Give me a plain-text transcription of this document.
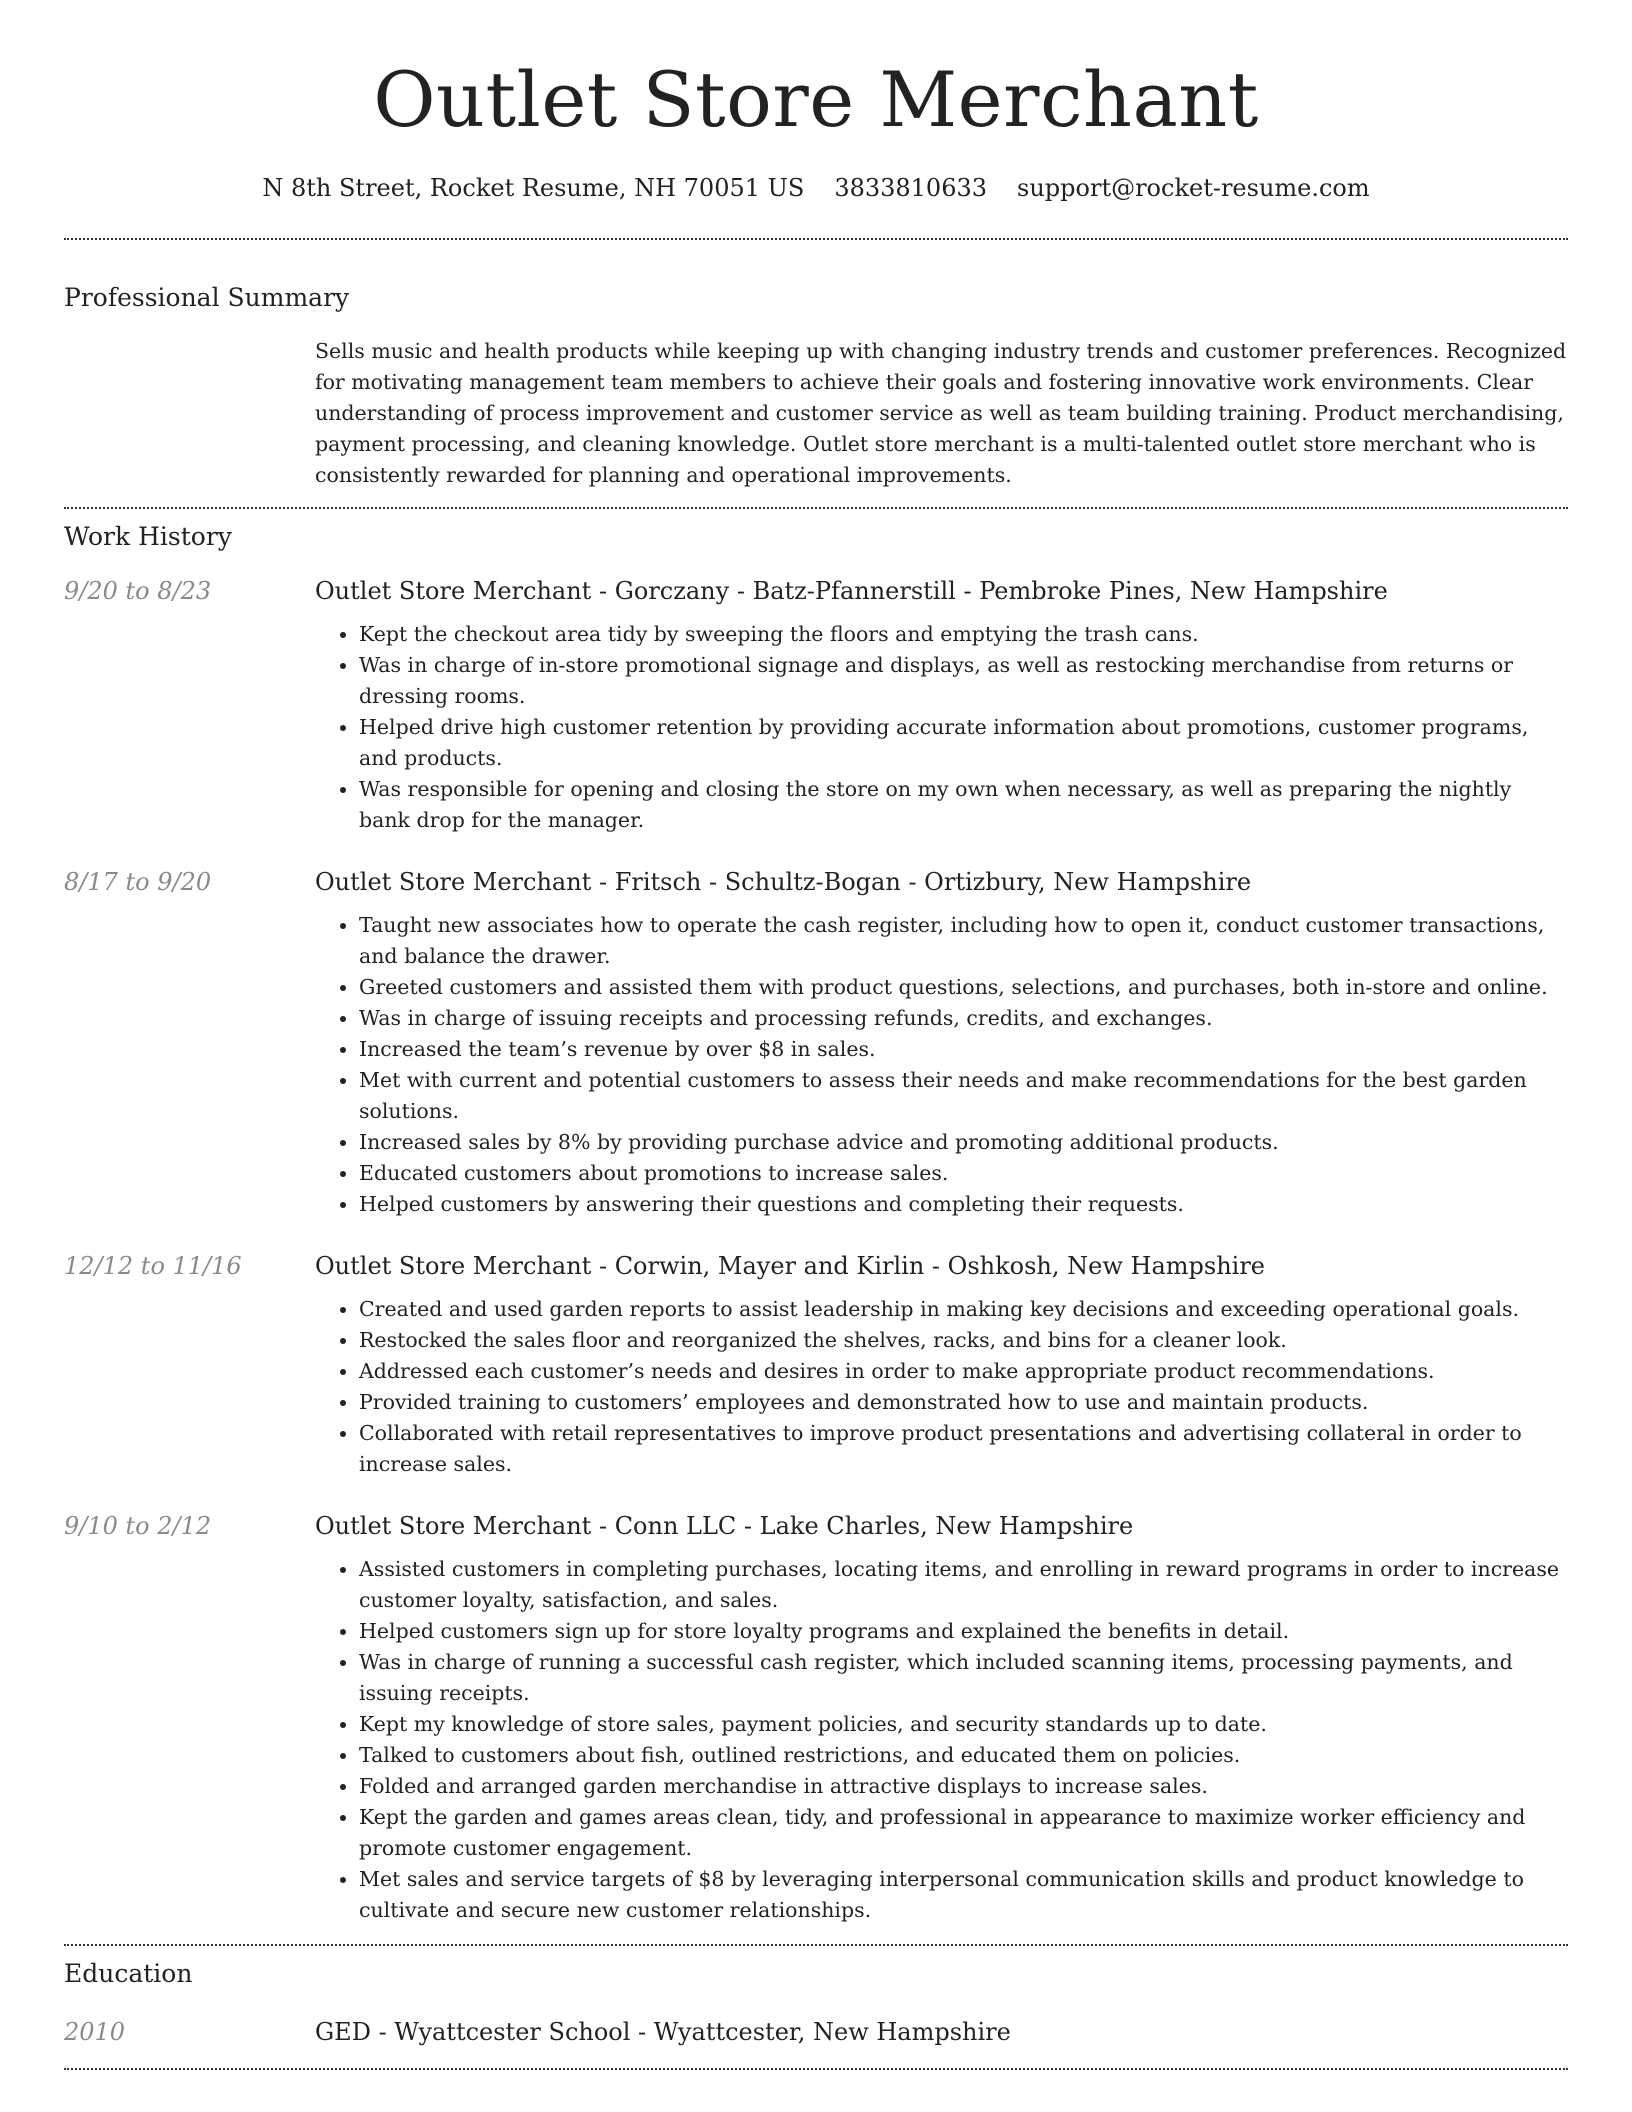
Outlet Store Merchant
N 8th Street, Rocket Resume, NH 70051 US 3833810633 support@rocket-resume.com
Professional Summary
Sells music and health products while keeping up with changing industry trends and customer preferences. Recognized for motivating management team members to achieve their goals and fostering innovative work environments. Clear understanding of process improvement and customer service as well as team building training. Product merchandising, payment processing, and cleaning knowledge. Outlet store merchant is a multi-talented outlet store merchant who is consistently rewarded for planning and operational improvements.
Work History
9/20 to 8/23	Outlet Store Merchant - Gorczany - Batz-Pfannerstill - Pembroke Pines, New Hampshire
• Kept the checkout area tidy by sweeping the floors and emptying the trash cans.
• Was in charge of in-store promotional signage and displays, as well as restocking merchandise from returns or dressing rooms.
• Helped drive high customer retention by providing accurate information about promotions, customer programs, and products.
• Was responsible for opening and closing the store on my own when necessary, as well as preparing the nightly bank drop for the manager.
8/17 to 9/20	Outlet Store Merchant - Fritsch - Schultz-Bogan - Ortizbury, New Hampshire
• Taught new associates how to operate the cash register, including how to open it, conduct customer transactions, and balance the drawer.
• Greeted customers and assisted them with product questions, selections, and purchases, both in-store and online.
• Was in charge of issuing receipts and processing refunds, credits, and exchanges.
• Increased the team’s revenue by over $8 in sales.
• Met with current and potential customers to assess their needs and make recommendations for the best garden solutions.
• Increased sales by 8% by providing purchase advice and promoting additional products.
• Educated customers about promotions to increase sales.
• Helped customers by answering their questions and completing their requests.
12/12 to 11/16	Outlet Store Merchant - Corwin, Mayer and Kirlin - Oshkosh, New Hampshire
• Created and used garden reports to assist leadership in making key decisions and exceeding operational goals.
• Restocked the sales floor and reorganized the shelves, racks, and bins for a cleaner look.
• Addressed each customer’s needs and desires in order to make appropriate product recommendations.
• Provided training to customers’ employees and demonstrated how to use and maintain products.
• Collaborated with retail representatives to improve product presentations and advertising collateral in order to increase sales.
9/10 to 2/12	Outlet Store Merchant - Conn LLC - Lake Charles, New Hampshire
• Assisted customers in completing purchases, locating items, and enrolling in reward programs in order to increase customer loyalty, satisfaction, and sales.
• Helped customers sign up for store loyalty programs and explained the benefits in detail.
• Was in charge of running a successful cash register, which included scanning items, processing payments, and issuing receipts.
• Kept my knowledge of store sales, payment policies, and security standards up to date.
• Talked to customers about fish, outlined restrictions, and educated them on policies.
• Folded and arranged garden merchandise in attractive displays to increase sales.
• Kept the garden and games areas clean, tidy, and professional in appearance to maximize worker efficiency and promote customer engagement.
• Met sales and service targets of $8 by leveraging interpersonal communication skills and product knowledge to cultivate and secure new customer relationships.
Education
2010	GED - Wyattcester School - Wyattcester, New Hampshire
